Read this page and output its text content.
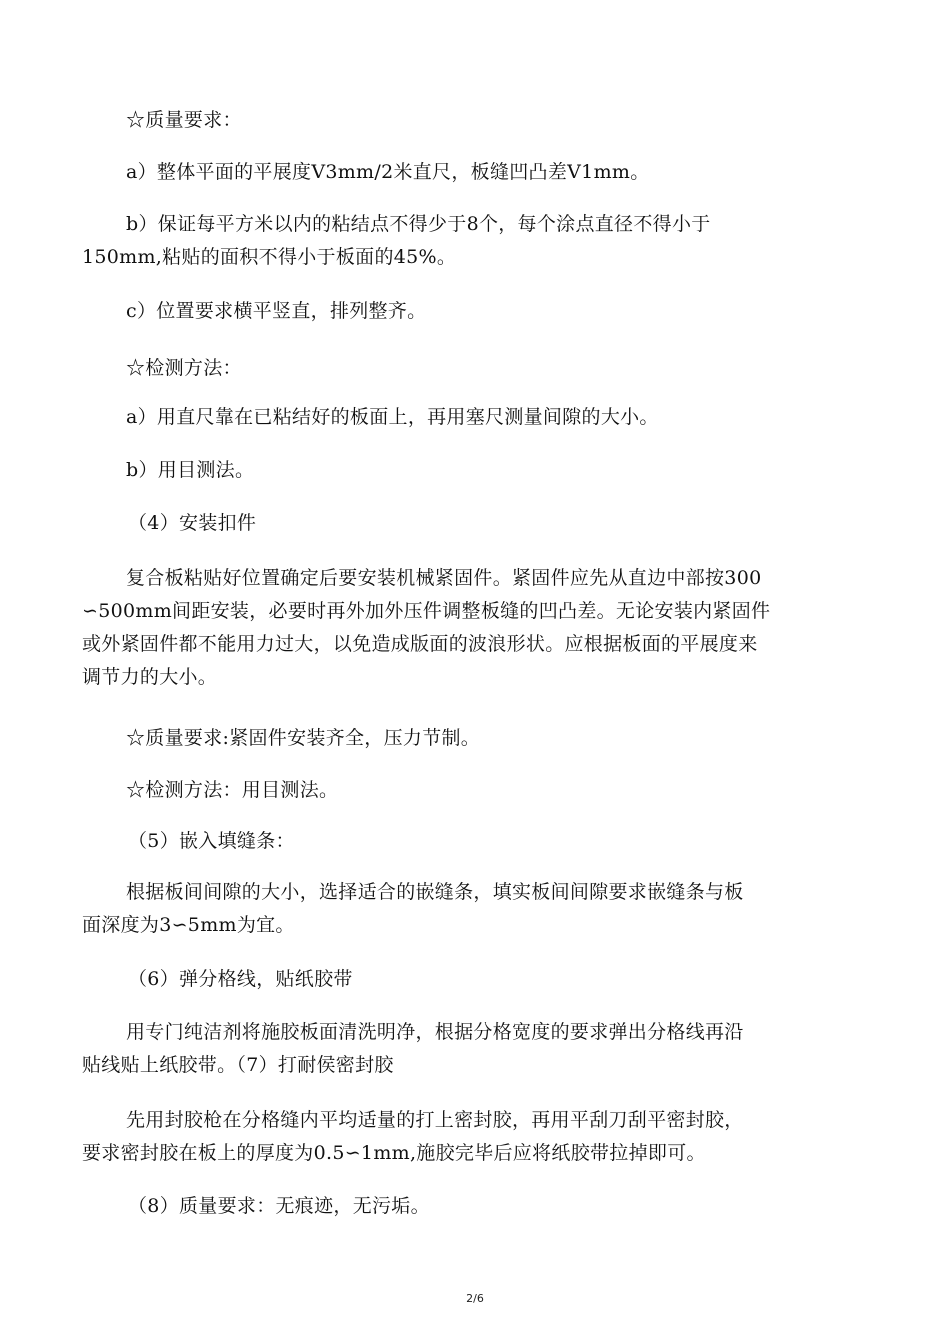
☆质量要求：
a）整体平面的平展度V3mm/2米直尺，板缝凹凸差V1mm。
b）保证每平方米以内的粘结点不得少于8个，每个涂点直径不得小于
150mm,粘贴的面积不得小于板面的45%。
c）位置要求横平竖直，排列整齐。
☆检测方法：
a）用直尺靠在已粘结好的板面上，再用塞尺测量间隙的大小。
b）用目测法。
（4）安装扣件
复合板粘贴好位置确定后要安装机械紧固件。紧固件应先从直边中部按300
∽500mm间距安装，必要时再外加外压件调整板缝的凹凸差。无论安装内紧固件
或外紧固件都不能用力过大，以免造成版面的波浪形状。应根据板面的平展度来
调节力的大小。
☆质量要求:紧固件安装齐全，压力节制。
☆检测方法：用目测法。
（5）嵌入填缝条：
根据板间间隙的大小，选择适合的嵌缝条，填实板间间隙要求嵌缝条与板
面深度为3∽5mm为宜。
（6）弹分格线，贴纸胶带
用专门纯洁剂将施胶板面清洗明净，根据分格宽度的要求弹出分格线再沿
贴线贴上纸胶带。（7）打耐侯密封胶
先用封胶枪在分格缝内平均适量的打上密封胶，再用平刮刀刮平密封胶，
要求密封胶在板上的厚度为0.5∽1mm,施胶完毕后应将纸胶带拉掉即可。
（8）质量要求：无痕迹，无污垢。
2/6
